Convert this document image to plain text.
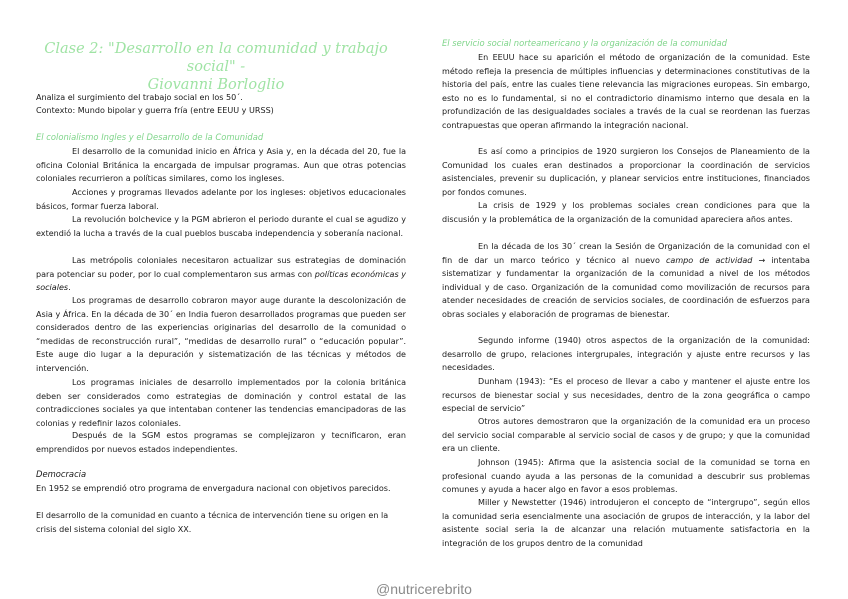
Clase 2: "Desarrollo en la comunidad y trabajo social" -
Giovanni Borloglio

Analiza el surgimiento del trabajo social en los 50´.

Contexto: Mundo bipolar y guerra fría (entre EEUU y URSS)

El colonialismo Ingles y el Desarrollo de la Comunidad

El desarrollo de la comunidad inicio en África y Asia y, en la década del 20, fue la oficina Colonial Británica la encargada de impulsar programas. Aun que otras potencias coloniales recurrieron a políticas similares, como los ingleses.

Acciones y programas llevados adelante por los ingleses: objetivos educacionales básicos, formar fuerza laboral.

La revolución bolchevice y la PGM abrieron el periodo durante el cual se agudizo y extendió la lucha a través de la cual pueblos buscaba independencia y soberanía nacional.

Las metrópolis coloniales necesitaron actualizar sus estrategias de dominación para potenciar su poder, por lo cual complementaron sus armas con políticas económicas y sociales.

Los programas de desarrollo cobraron mayor auge durante la descolonización de Asia y África. En la década de 30´ en India fueron desarrollados programas que pueden ser considerados dentro de las experiencias originarias del desarrollo de la comunidad o “medidas de reconstrucción rural”, “medidas de desarrollo rural” o “educación popular”. Este auge dio lugar a la depuración y sistematización de las técnicas y métodos de intervención.

Los programas iniciales de desarrollo implementados por la colonia británica deben ser considerados como estrategias de dominación y control estatal de las contradicciones sociales ya que intentaban contener las tendencias emancipadoras de las colonias y redefinir lazos coloniales.

Después de la SGM estos programas se complejizaron y tecnificaron, eran emprendidos por nuevos estados independientes.

Democracia

En 1952 se emprendió otro programa de envergadura nacional con objetivos parecidos.

El desarrollo de la comunidad en cuanto a técnica de intervención tiene su origen en la crisis del sistema colonial del siglo XX.

El servicio social norteamericano y la organización de la comunidad

En EEUU hace su aparición el método de organización de la comunidad. Este método refleja la presencia de múltiples influencias y determinaciones constitutivas de la historia del país, entre las cuales tiene relevancia las migraciones europeas. Sin embargo, esto no es lo fundamental, si no el contradictorio dinamismo interno que desala en la profundización de las desigualdades sociales a través de la cual se reordenan las fuerzas contrapuestas que operan afirmando la integración nacional.

Es así como a principios de 1920 surgieron los Consejos de Planeamiento de la Comunidad los cuales eran destinados a proporcionar la coordinación de servicios asistenciales, prevenir su duplicación, y planear servicios entre instituciones, financiados por fondos comunes.

La crisis de 1929 y los problemas sociales crean condiciones para que la discusión y la problemática de la organización de la comunidad apareciera años antes.

En la década de los 30´ crean la Sesión de Organización de la comunidad con el fin de dar un marco teórico y técnico al nuevo campo de actividad → intentaba sistematizar y fundamentar la organización de la comunidad a nivel de los métodos individual y de caso. Organización de la comunidad como movilización de recursos para atender necesidades de creación de servicios sociales, de coordinación de esfuerzos para obras sociales y elaboración de programas de bienestar.

Segundo informe (1940) otros aspectos de la organización de la comunidad: desarrollo de grupo, relaciones intergrupales, integración y ajuste entre recursos y las necesidades.

Dunham (1943): “Es el proceso de llevar a cabo y mantener el ajuste entre los recursos de bienestar social y sus necesidades, dentro de la zona geográfica o campo especial de servicio”

Otros autores demostraron que la organización de la comunidad era un proceso del servicio social comparable al servicio social de casos y de grupo; y que la comunidad era un cliente.

Johnson (1945): Afirma que la asistencia social de la comunidad se torna en profesional cuando ayuda a las personas de la comunidad a descubrir sus problemas comunes y ayuda a hacer algo en favor a esos problemas.

Miller y Newstetter (1946) introdujeron el concepto de “intergrupo”, según ellos la comunidad seria esencialmente una asociación de grupos de interacción, y la labor del asistente social seria la de alcanzar una relación mutuamente satisfactoria en la integración de los grupos dentro de la comunidad

@nutricerebrito
